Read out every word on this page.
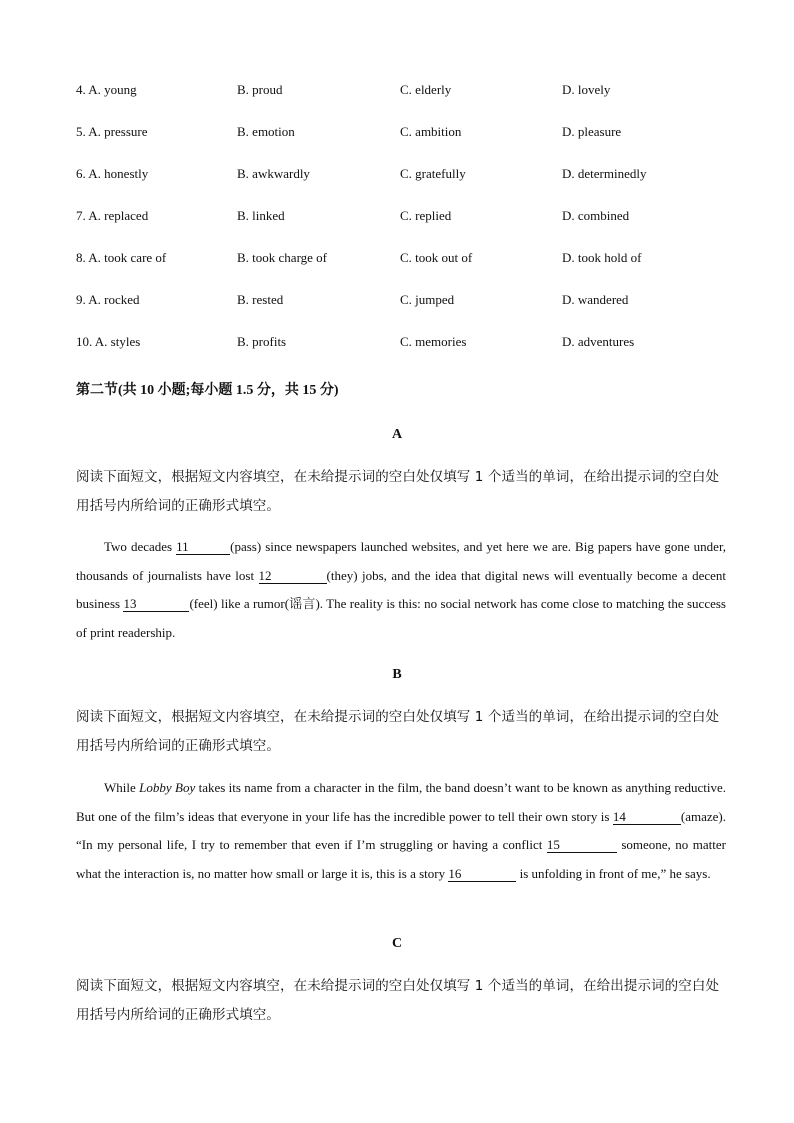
4. A. young	B. proud	C. elderly	D. lovely
5. A. pressure	B. emotion	C. ambition	D. pleasure
6. A. honestly	B. awkwardly	C. gratefully	D. determinedly
7. A. replaced	B. linked	C. replied	D. combined
8. A. took care of	B. took charge of	C. took out of	D. took hold of
9. A. rocked	B. rested	C. jumped	D. wandered
10. A. styles	B. profits	C. memories	D. adventures
第二节(共 10 小题;每小题 1.5 分，共 15 分)
A
阅读下面短文，根据短文内容填空，在未给提示词的空白处仅填写 1 个适当的单词，在给出提示词的空白处用括号内所给词的正确形式填空。
Two decades 11	(pass) since newspapers launched websites, and yet here we are. Big papers have gone under, thousands of journalists have lost 12	(they) jobs, and the idea that digital news will eventually become a decent business 13	(feel) like a rumor(谣言). The reality is this: no social network has come close to matching the success of print readership.
B
阅读下面短文，根据短文内容填空，在未给提示词的空白处仅填写 1 个适当的单词，在给出提示词的空白处用括号内所给词的正确形式填空。
While Lobby Boy takes its name from a character in the film, the band doesn’t want to be known as anything reductive. But one of the film’s ideas that everyone in your life has the incredible power to tell their own story is 14	(amaze). “In my personal life, I try to remember that even if I’m struggling or having a conflict 15	someone, no matter what the interaction is, no matter how small or large it is, this is a story 16	is unfolding in front of me,” he says.
C
阅读下面短文，根据短文内容填空，在未给提示词的空白处仅填写 1 个适当的单词，在给出提示词的空白处用括号内所给词的正确形式填空。
